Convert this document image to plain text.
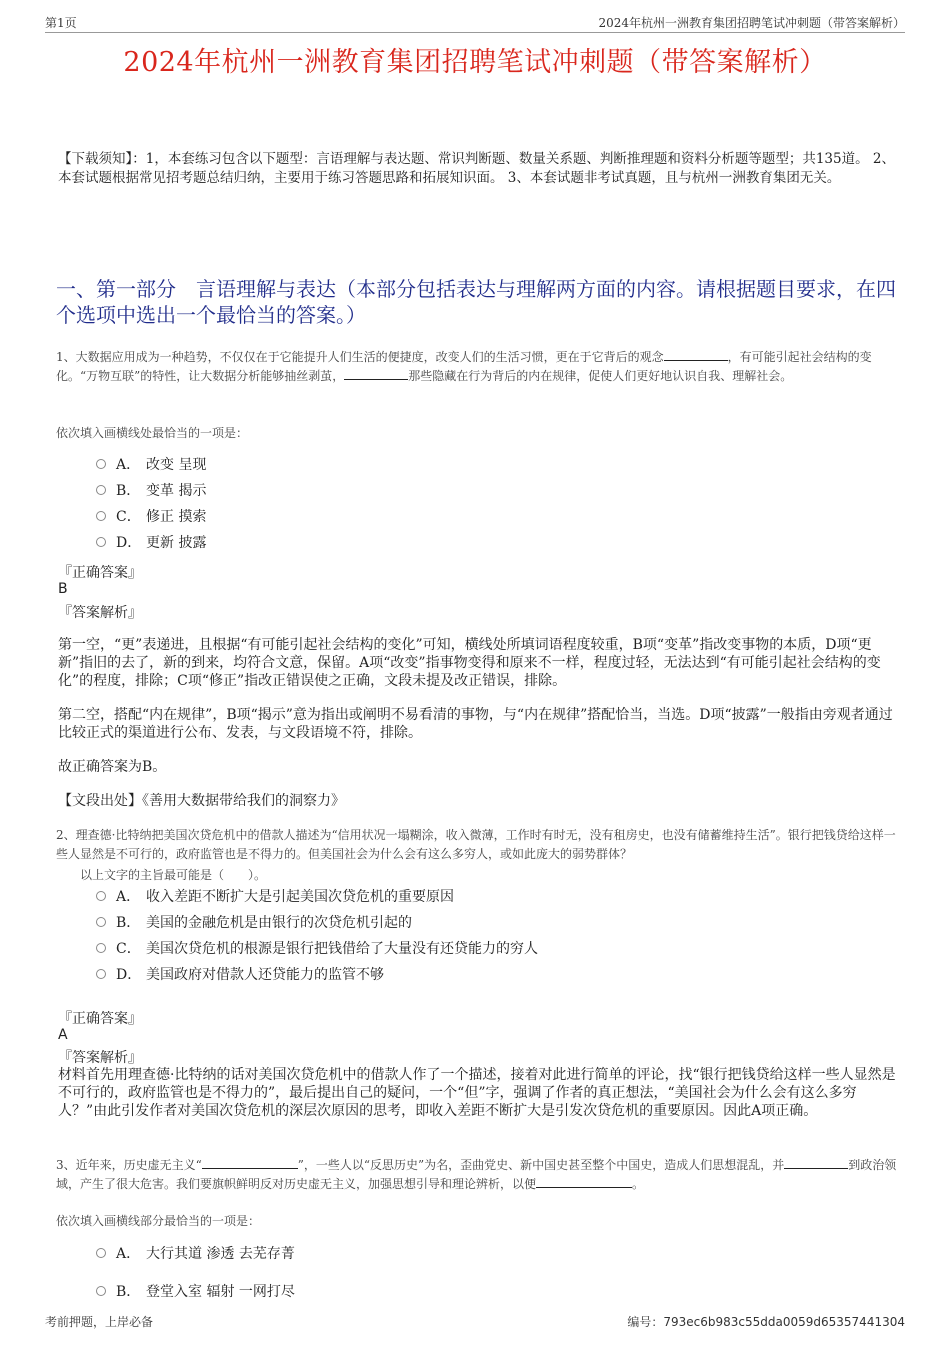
第1页	2024年杭州一洲教育集团招聘笔试冲刺题（带答案解析）
2024年杭州一洲教育集团招聘笔试冲刺题（带答案解析）
【下载须知】：1，本套练习包含以下题型：言语理解与表达题、常识判断题、数量关系题、判断推理题和资料分析题等题型；共135道。 2、本套试题根据常见招考题总结归纳，主要用于练习答题思路和拓展知识面。 3、本套试题非考试真题，且与杭州一洲教育集团无关。
一、第一部分　言语理解与表达（本部分包括表达与理解两方面的内容。请根据题目要求，在四个选项中选出一个最恰当的答案。）
1、大数据应用成为一种趋势，不仅仅在于它能提升人们生活的便捷度，改变人们的生活习惯，更在于它背后的观念	，有可能引起社会结构的变化。“万物互联”的特性，让大数据分析能够抽丝剥茧，	那些隐藏在行为背后的内在规律，促使人们更好地认识自我、理解社会。
依次填入画横线处最恰当的一项是：
A． 改变 呈现
B． 变革 揭示
C． 修正 摸索
D． 更新 披露
『正确答案』
B
『答案解析』
第一空，“更”表递进，且根据“有可能引起社会结构的变化”可知，横线处所填词语程度较重，B项“变革”指改变事物的本质，D项“更新”指旧的去了，新的到来，均符合文意，保留。A项“改变”指事物变得和原来不一样，程度过轻，无法达到“有可能引起社会结构的变化”的程度，排除；C项“修正”指改正错误使之正确，文段未提及改正错误，排除。
第二空，搭配“内在规律”，B项“揭示”意为指出或阐明不易看清的事物，与“内在规律”搭配恰当，当选。D项“披露”一般指由旁观者通过比较正式的渠道进行公布、发表，与文段语境不符，排除。
故正确答案为B。
【文段出处】《善用大数据带给我们的洞察力》
2、理查德·比特纳把美国次贷危机中的借款人描述为“信用状况一塌糊涂，收入微薄，工作时有时无，没有租房史，也没有储蓄维持生活”。银行把钱贷给这样一些人显然是不可行的，政府监管也是不得力的。但美国社会为什么会有这么多穷人，或如此庞大的弱势群体？
以上文字的主旨最可能是（　　）。
A． 收入差距不断扩大是引起美国次贷危机的重要原因
B． 美国的金融危机是由银行的次贷危机引起的
C． 美国次贷危机的根源是银行把钱借给了大量没有还贷能力的穷人
D． 美国政府对借款人还贷能力的监管不够
『正确答案』
A
『答案解析』
材料首先用理查德·比特纳的话对美国次贷危机中的借款人作了一个描述，接着对此进行简单的评论，找“银行把钱贷给这样一些人显然是不可行的，政府监管也是不得力的”，最后提出自己的疑问，一个“但”字，强调了作者的真正想法，“美国社会为什么会有这么多穷人？”由此引发作者对美国次贷危机的深层次原因的思考，即收入差距不断扩大是引发次贷危机的重要原因。因此A项正确。
3、近年来，历史虚无主义“	”，一些人以“反思历史”为名，歪曲党史、新中国史甚至整个中国史，造成人们思想混乱，并	到政治领域，产生了很大危害。我们要旗帜鲜明反对历史虚无主义，加强思想引导和理论辨析，以便	。
依次填入画横线部分最恰当的一项是：
A． 大行其道 渗透 去芜存菁
B． 登堂入室 辐射 一网打尽
考前押题，上岸必备	编号：793ec6b983c55dda0059d65357441304
